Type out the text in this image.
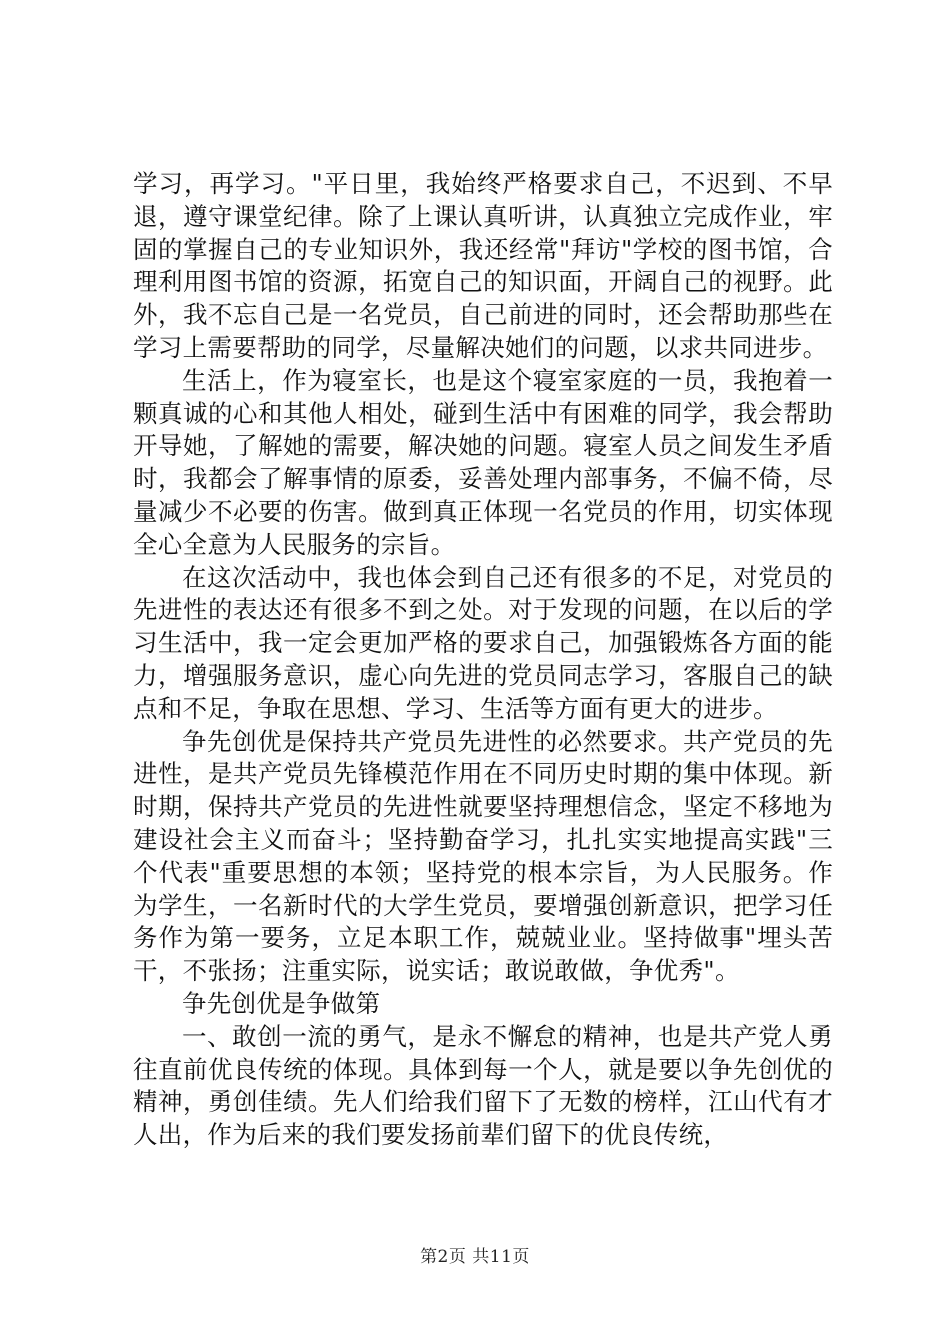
学习，再学习。"平日里，我始终严格要求自己，不迟到、不早退，遵守课堂纪律。除了上课认真听讲，认真独立完成作业，牢固的掌握自己的专业知识外，我还经常"拜访"学校的图书馆，合理利用图书馆的资源，拓宽自己的知识面，开阔自己的视野。此外，我不忘自己是一名党员，自己前进的同时，还会帮助那些在学习上需要帮助的同学，尽量解决她们的问题，以求共同进步。

生活上，作为寝室长，也是这个寝室家庭的一员，我抱着一颗真诚的心和其他人相处，碰到生活中有困难的同学，我会帮助开导她，了解她的需要，解决她的问题。寝室人员之间发生矛盾时，我都会了解事情的原委，妥善处理内部事务，不偏不倚，尽量减少不必要的伤害。做到真正体现一名党员的作用，切实体现全心全意为人民服务的宗旨。

在这次活动中，我也体会到自己还有很多的不足，对党员的先进性的表达还有很多不到之处。对于发现的问题，在以后的学习生活中，我一定会更加严格的要求自己，加强锻炼各方面的能力，增强服务意识，虚心向先进的党员同志学习，客服自己的缺点和不足，争取在思想、学习、生活等方面有更大的进步。

争先创优是保持共产党员先进性的必然要求。共产党员的先进性，是共产党员先锋模范作用在不同历史时期的集中体现。新时期，保持共产党员的先进性就要坚持理想信念，坚定不移地为建设社会主义而奋斗；坚持勤奋学习，扎扎实实地提高实践"三个代表"重要思想的本领；坚持党的根本宗旨，为人民服务。作为学生，一名新时代的大学生党员，要增强创新意识，把学习任务作为第一要务，立足本职工作，兢兢业业。坚持做事"埋头苦干，不张扬；注重实际，说实话；敢说敢做，争优秀"。

争先创优是争做第

一、敢创一流的勇气，是永不懈怠的精神，也是共产党人勇往直前优良传统的体现。具体到每一个人，就是要以争先创优的精神，勇创佳绩。先人们给我们留下了无数的榜样，江山代有才人出，作为后来的我们要发扬前辈们留下的优良传统，

第2页 共11页
